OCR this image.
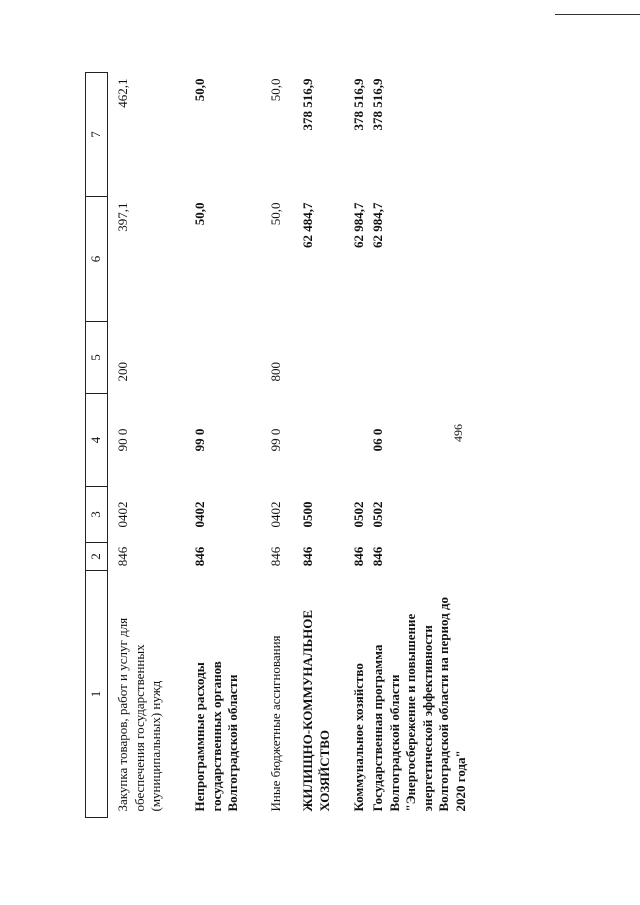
496
1	2	3	4	5	6	7
Закупка товаров, работ и услуг для обеспечения государственных (муниципальных) нужд	846	0402	90 0	200	397,1	462,1
Непрограммные расходы государственных органов Волгоградской области	846	0402	99 0		50,0	50,0
Иные бюджетные ассигнования	846	0402	99 0	800	50,0	50,0
ЖИЛИЩНО-КОММУНАЛЬНОЕ ХОЗЯЙСТВО	846	0500			62 484,7	378 516,9
Коммунальное хозяйство	846	0502			62 984,7	378 516,9
Государственная программа Волгоградской области "Энергосбережение и повышение энергетической эффективности Волгоградской области на период до 2020 года"	846	0502	06 0		62 984,7	378 516,9
